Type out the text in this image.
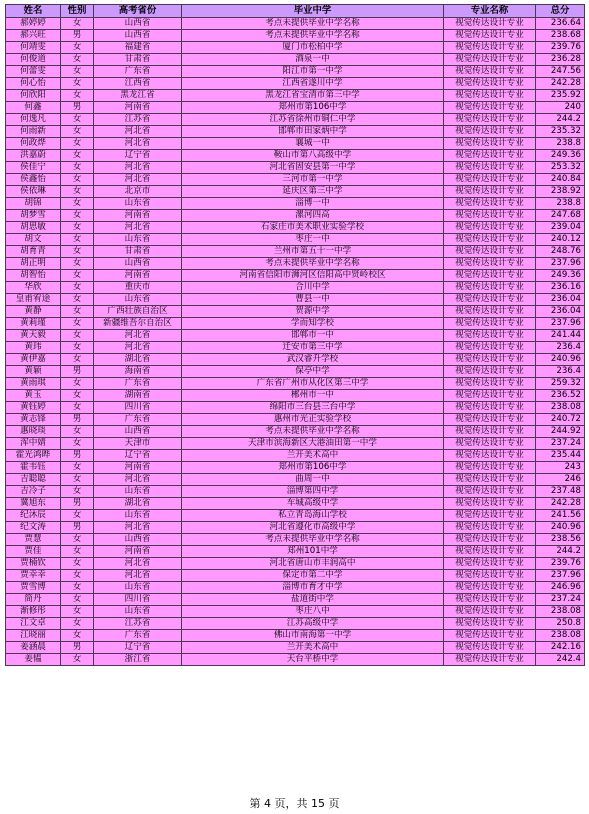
姓名	性别	高考省份	毕业中学	专业名称	总分
郝婷婷	女	山西省	考点未提供毕业中学名称	视觉传达设计专业	236.64
郝兴旺	男	山西省	考点未提供毕业中学名称	视觉传达设计专业	238.68
何靖雯	女	福建省	厦门市松柏中学	视觉传达设计专业	239.76
何俊道	女	甘肃省	酒泉一中	视觉传达设计专业	236.28
何蕾雯	女	广东省	阳江市第一中学	视觉传达设计专业	247.56
何心怡	女	江西省	江西省遂川中学	视觉传达设计专业	242.28
何欣阳	女	黑龙江省	黑龙江省宝清市第三中学	视觉传达设计专业	235.92
何鑫	男	河南省	郑州市第106中学	视觉传达设计专业	240
何逸凡	女	江苏省	江苏省徐州市铜仁中学	视觉传达设计专业	244.2
何雨新	女	河北省	邯郸市田家炳中学	视觉传达设计专业	235.32
何政烨	女	河北省	襄城一中	视觉传达设计专业	238.8
洪嘉蔚	女	辽宁省	鞍山市第八高级中学	视觉传达设计专业	249.36
侯佳宁	女	河北省	河北省固安县第一中学	视觉传达设计专业	253.32
侯鑫怡	女	河北省	三河市第一中学	视觉传达设计专业	240.84
侯依琳	女	北京市	延庆区第三中学	视觉传达设计专业	238.92
胡锦	女	山东省	淄博一中	视觉传达设计专业	238.8
胡梦雪	女	河南省	漯河四高	视觉传达设计专业	247.68
胡思敏	女	河北省	石家庄市美术职业实验学校	视觉传达设计专业	239.04
胡文	女	山东省	枣庄一中	视觉传达设计专业	240.12
胡育青	女	甘肃省	兰州市第五十一中学	视觉传达设计专业	248.76
胡正明	女	山西省	考点未提供毕业中学名称	视觉传达设计专业	237.96
胡智怡	女	河南省	河南省信阳市浉河区信阳高中贤岭校区	视觉传达设计专业	249.36
华欣	女	重庆市	合川中学	视觉传达设计专业	236.16
皇甫宥途	女	山东省	曹县一中	视觉传达设计专业	236.04
黄静	女	广西壮族自治区	贺源中学	视觉传达设计专业	236.04
黄莉瑾	女	新疆维吾尔自治区	学而知学校	视觉传达设计专业	237.96
黄天毅	女	河北省	邯郸市一中	视觉传达设计专业	241.44
黄玮	女	河北省	迁安市第三中学	视觉传达设计专业	236.4
黄伊嘉	女	湖北省	武汉睿升学校	视觉传达设计专业	240.96
黄颖	男	海南省	保亭中学	视觉传达设计专业	236.4
黄雨琪	女	广东省	广东省广州市从化区第三中学	视觉传达设计专业	259.32
黄玉	女	湖南省	郴州市一中	视觉传达设计专业	236.52
黄钰婷	女	四川省	绵阳市三台县三台中学	视觉传达设计专业	238.08
黄志锋	男	广东省	惠州市光正实验学校	视觉传达设计专业	240.72
惠晓琰	女	山西省	考点未提供毕业中学名称	视觉传达设计专业	244.92
浑中婧	女	天津市	天津市滨海新区大港油田第一中学	视觉传达设计专业	237.24
霍光鸿晔	男	辽宁省	兰开美术高中	视觉传达设计专业	235.44
霍韦钰	女	河南省	郑州市第106中学	视觉传达设计专业	243
吉聪聪	女	河北省	曲周一中	视觉传达设计专业	246
吉冷子	女	山东省	淄博第四中学	视觉传达设计专业	237.48
冀旭东	男	湖北省	车城高级中学	视觉传达设计专业	242.28
纪沐辰	女	山东省	私立青岛海山学校	视觉传达设计专业	241.56
纪文涛	男	河北省	河北省遵化市高级中学	视觉传达设计专业	240.96
贾慧	女	山西省	考点未提供毕业中学名称	视觉传达设计专业	238.56
贾佳	女	河南省	郑州101中学	视觉传达设计专业	244.2
贾楠钦	女	河北省	河北省唐山市丰润高中	视觉传达设计专业	239.76
贾幸幸	女	河北省	保定市第二中学	视觉传达设计专业	237.96
贾雪博	女	山东省	淄博市育才中学	视觉传达设计专业	246.96
简丹	女	四川省	盐道街中学	视觉传达设计专业	237.24
渐修彤	女	山东省	枣庄八中	视觉传达设计专业	238.08
江文卓	女	江苏省	江苏高级中学	视觉传达设计专业	250.8
江晓丽	女	广东省	佛山市南海第一中学	视觉传达设计专业	238.08
姜涵晨	男	辽宁省	兰开美术高中	视觉传达设计专业	242.16
姜韫	女	浙江省	天台平桥中学	视觉传达设计专业	242.4
第 4 页，共 15 页
